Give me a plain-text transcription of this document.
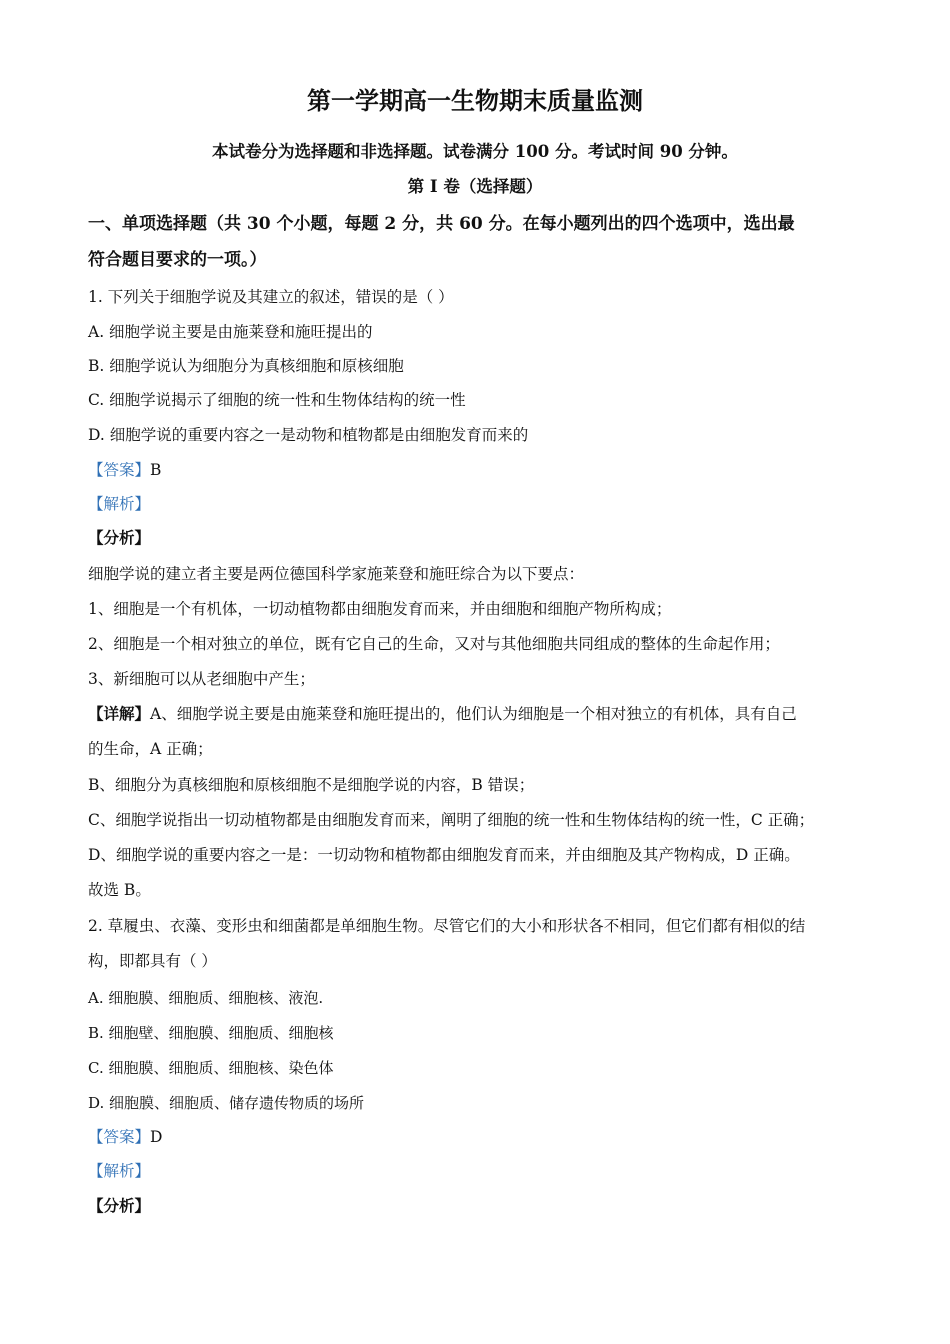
第一学期高一生物期末质量监测
本试卷分为选择题和非选择题。试卷满分 100 分。考试时间 90 分钟。
第 I 卷（选择题）
一、单项选择题（共 30 个小题，每题 2 分，共 60 分。在每小题列出的四个选项中，选出最
符合题目要求的一项。）
1. 下列关于细胞学说及其建立的叙述，错误的是（ ）
A. 细胞学说主要是由施莱登和施旺提出的
B. 细胞学说认为细胞分为真核细胞和原核细胞
C. 细胞学说揭示了细胞的统一性和生物体结构的统一性
D. 细胞学说的重要内容之一是动物和植物都是由细胞发育而来的
【答案】B
【解析】
【分析】
细胞学说的建立者主要是两位德国科学家施莱登和施旺综合为以下要点：
1、细胞是一个有机体，一切动植物都由细胞发育而来，并由细胞和细胞产物所构成；
2、细胞是一个相对独立的单位，既有它自己的生命，又对与其他细胞共同组成的整体的生命起作用；
3、新细胞可以从老细胞中产生；
【详解】A、细胞学说主要是由施莱登和施旺提出的，他们认为细胞是一个相对独立的有机体，具有自己
的生命，A 正确；
B、细胞分为真核细胞和原核细胞不是细胞学说的内容，B 错误；
C、细胞学说指出一切动植物都是由细胞发育而来，阐明了细胞的统一性和生物体结构的统一性，C 正确；
D、细胞学说的重要内容之一是：一切动物和植物都由细胞发育而来，并由细胞及其产物构成，D 正确。
故选 B。
2. 草履虫、衣藻、变形虫和细菌都是单细胞生物。尽管它们的大小和形状各不相同，但它们都有相似的结
构，即都具有（ ）
A. 细胞膜、细胞质、细胞核、液泡.
B. 细胞壁、细胞膜、细胞质、细胞核
C. 细胞膜、细胞质、细胞核、染色体
D. 细胞膜、细胞质、储存遗传物质的场所
【答案】D
【解析】
【分析】
